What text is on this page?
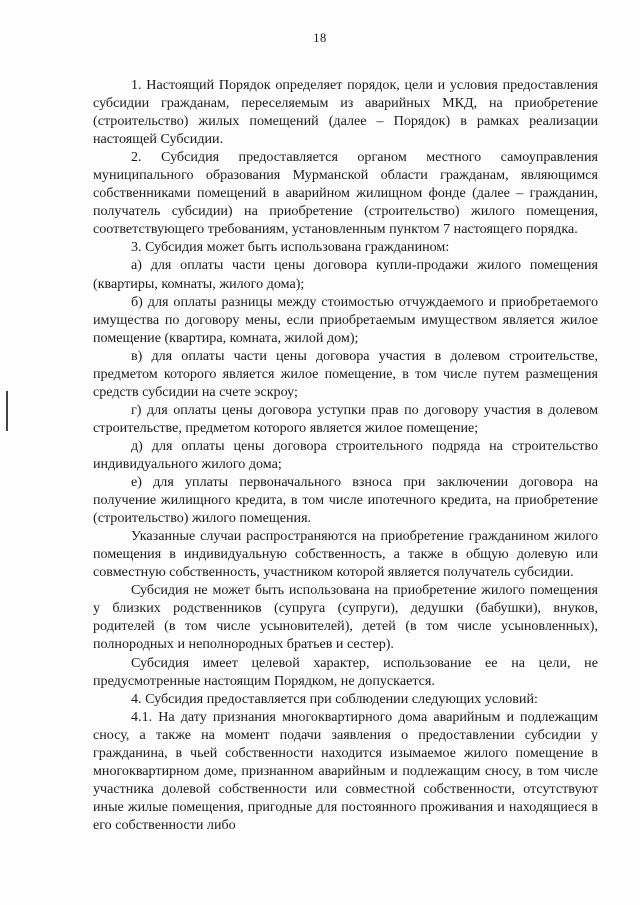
18

1. Настоящий Порядок определяет порядок, цели и условия предоставления субсидии гражданам, переселяемым из аварийных МКД, на приобретение (строительство) жилых помещений (далее – Порядок) в рамках реализации настоящей Субсидии.

2. Субсидия предоставляется органом местного самоуправления муниципального образования Мурманской области гражданам, являющимся собственниками помещений в аварийном жилищном фонде (далее – гражданин, получатель субсидии) на приобретение (строительство) жилого помещения, соответствующего требованиям, установленным пунктом 7 настоящего порядка.

3. Субсидия может быть использована гражданином:

а) для оплаты части цены договора купли-продажи жилого помещения (квартиры, комнаты, жилого дома);

б) для оплаты разницы между стоимостью отчуждаемого и приобретаемого имущества по договору мены, если приобретаемым имуществом является жилое помещение (квартира, комната, жилой дом);

в) для оплаты части цены договора участия в долевом строительстве, предметом которого является жилое помещение, в том числе путем размещения средств субсидии на счете эскроу;

г) для оплаты цены договора уступки прав по договору участия в долевом строительстве, предметом которого является жилое помещение;

д) для оплаты цены договора строительного подряда на строительство индивидуального жилого дома;

е) для уплаты первоначального взноса при заключении договора на получение жилищного кредита, в том числе ипотечного кредита, на приобретение (строительство) жилого помещения.

Указанные случаи распространяются на приобретение гражданином жилого помещения в индивидуальную собственность, а также в общую долевую или совместную собственность, участником которой является получатель субсидии.

Субсидия не может быть использована на приобретение жилого помещения у близких родственников (супруга (супруги), дедушки (бабушки), внуков, родителей (в том числе усыновителей), детей (в том числе усыновленных), полнородных и неполнородных братьев и сестер).

Субсидия имеет целевой характер, использование ее на цели, не предусмотренные настоящим Порядком, не допускается.

4. Субсидия предоставляется при соблюдении следующих условий:

4.1. На дату признания многоквартирного дома аварийным и подлежащим сносу, а также на момент подачи заявления о предоставлении субсидии у гражданина, в чьей собственности находится изымаемое жилого помещение в многоквартирном доме, признанном аварийным и подлежащим сносу, в том числе участника долевой собственности или совместной собственности, отсутствуют иные жилые помещения, пригодные для постоянного проживания и находящиеся в его собственности либо
